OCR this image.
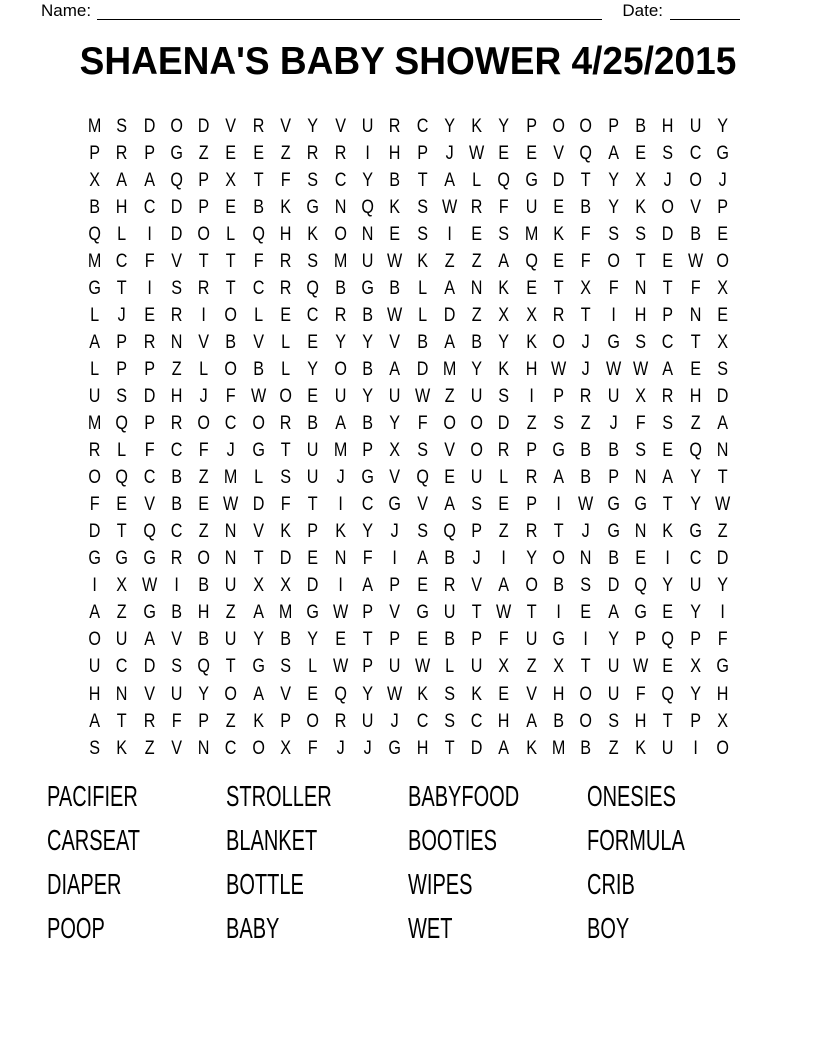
Name:	Date:
SHAENA'S BABY SHOWER 4/25/2015
M S D O D V R V Y V U R C Y K Y P O O P B H U Y
P R P G Z E E Z R R	I	H P J W E E V Q A E S C G
X A A Q P X T F S C Y B T A L Q G D T Y X J O J
B H C D P E B K G N Q K S W R F U E B Y K O V P
Q L	I	D O L Q H K O N E S	I	E S M K F S S D B E
M C F V T T F R S M U W K Z Z A Q E F O T E W O
G T	I	S R T C R Q B G B L A N K E T X F N T F X
L J E R	I O L E C R B W L D Z X X R T	I	H P N E
A P R N V B V L E Y Y V B A B Y K O J G S C T X
L P P Z L O B L Y O B A D M Y K H W J W W A E S
U S D H J F W O E U Y U W Z U S	I	P R U X R H D
M Q P R O C O R B A B Y F O O D Z S Z J F S Z A
R L F C F J G T U M P X S V O R P G B B S E Q N
O Q C B Z M L S U J G V Q E U L R A B P N A Y T
F E V B E W D F T	I	C G V A S E P	I W G G T Y W
D T Q C Z N V K P K Y J S Q P Z R T J G N K G Z
G G G R O N T D E N F	I	A B J	I	Y O N B E	I	C D
I	X W I	B U X X D	I	A P E R V A O B S D Q Y U Y
A Z G B H Z A M G W P V G U T W T	I	E A G E Y	I
O U A V B U Y B Y E T P E B P F U G I	Y P Q P F
U C D S Q T G S L W P U W L U X Z X T U W E X G
H N V U Y O A V E Q Y W K S K E V H O U F Q Y H
A T R F P Z K P O R U J C S C H A B O S H T P X
S K Z V N C O X F J	J G H T D A K M B Z K U	I O
PACIFIER
CARSEAT
DIAPER
POOP
STROLLER
BLANKET
BOTTLE
BABY
BABYFOOD
BOOTIES
WIPES
WET
ONESIES
FORMULA
CRIB
BOY
